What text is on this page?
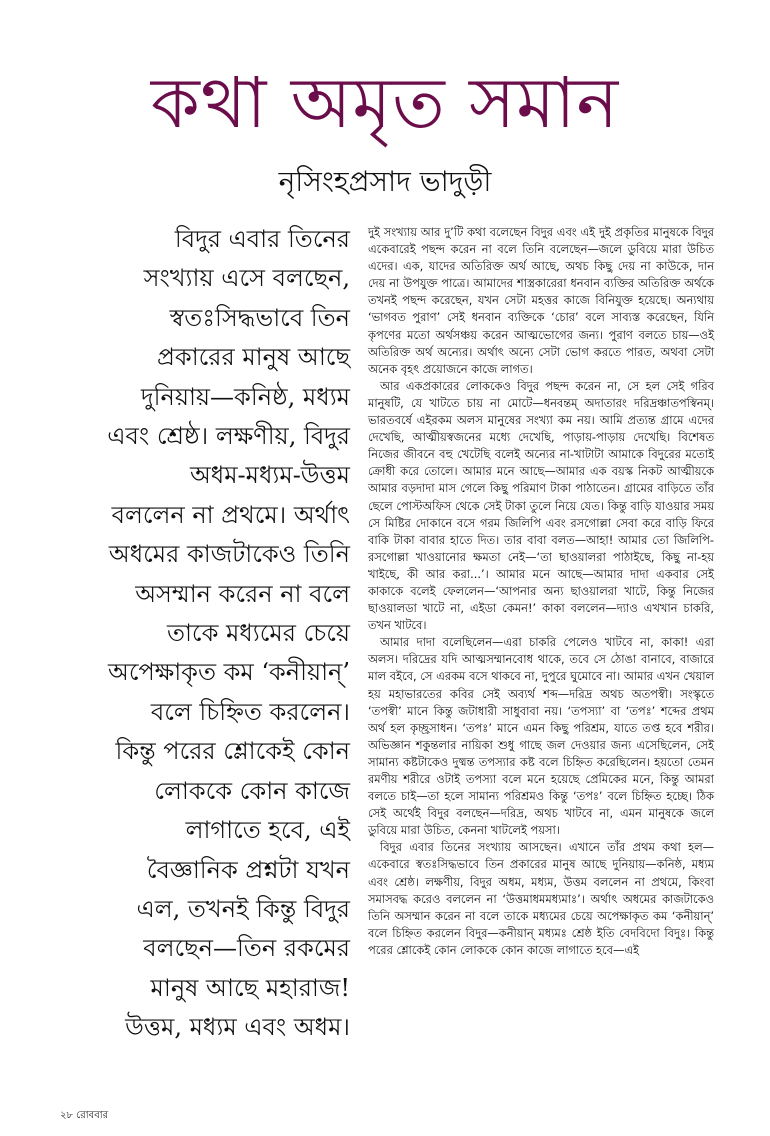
কথা অমৃত সমান
নৃসিংহপ্রসাদ ভাদুড়ী
বিদুর এবার তিনের
সংখ্যায় এসে বলছেন,
স্বতঃসিদ্ধভাবে তিন
প্রকারের মানুষ আছে
দুনিয়ায়—কনিষ্ঠ, মধ্যম
এবং শ্রেষ্ঠ। লক্ষণীয়, বিদুর
অধম-মধ্যম-উত্তম
বললেন না প্রথমে। অর্থাৎ
অধমের কাজটাকেও তিনি
অসম্মান করেন না বলে
তাকে মধ্যমের চেয়ে
অপেক্ষাকৃত কম ‘কনীয়ান্’
বলে চিহ্নিত করলেন।
কিন্তু পরের শ্লোকেই কোন
লোককে কোন কাজে
লাগাতে হবে, এই
বৈজ্ঞানিক প্রশ্নটা যখন
এল, তখনই কিন্তু বিদুর
বলছেন—তিন রকমের
মানুষ আছে মহারাজ!
উত্তম, মধ্যম এবং অধম।

দুই সংখ্যায় আর দু’টি কথা বলেছেন বিদুর এবং এই দুই প্রকৃতির মানুষকে বিদুর একেবারেই পছন্দ করেন না বলে তিনি বলেছেন—জলে ডুবিয়ে মারা উচিত এদের। এক, যাদের অতিরিক্ত অর্থ আছে, অথচ কিছু দেয় না কাউকে, দান দেয় না উপযুক্ত পাত্রে। আমাদের শাস্ত্রকারেরা ধনবান ব্যক্তির অতিরিক্ত অর্থকে তখনই পছন্দ করেছেন, যখন সেটা মহত্তর কাজে বিনিযুক্ত হয়েছে। অন্যথায় ‘ভাগবত পুরাণ’ সেই ধনবান ব্যক্তিকে ‘চোর’ বলে সাব্যস্ত করেছেন, যিনি কৃপণের মতো অর্থসঞ্চয় করেন আত্মভোগের জন্য। পুরাণ বলতে চায়—ওই অতিরিক্ত অর্থ অন্যের। অর্থাৎ অন্যে সেটা ভোগ করতে পারত, অথবা সেটা অনেক বৃহৎ প্রয়োজনে কাজে লাগত।

আর একপ্রকারের লোককেও বিদুর পছন্দ করেন না, সে হল সেই গরিব মানুষটি, যে খাটতে চায় না মোটে—ধনবন্তম্ অদাতারং দরিদ্রঞ্চাতপস্বিনম্। ভারতবর্ষে এইরকম অলস মানুষের সংখ্যা কম নয়। আমি প্রত্যন্ত গ্রামে এদের দেখেছি, আত্মীয়স্বজনের মধ্যে দেখেছি, পাড়ায়-পাড়ায় দেখেছি। বিশেষত নিজের জীবনে বহু খেটেছি বলেই অন্যের না-খাটাটা আমাকে বিদুরের মতোই ক্রোধী করে তোলে। আমার মনে আছে—আমার এক বয়স্ক নিকট আত্মীয়কে আমার বড়দাদা মাস গেলে কিছু পরিমাণ টাকা পাঠাতেন। গ্রামের বাড়িতে তাঁর ছেলে পোস্টঅফিস থেকে সেই টাকা তুলে নিয়ে যেত। কিন্তু বাড়ি যাওয়ার সময় সে মিষ্টির দোকানে বসে গরম জিলিপি এবং রসগোল্লা সেবা করে বাড়ি ফিরে বাকি টাকা বাবার হাতে দিত। তার বাবা বলত—আহা! আমার তো জিলিপি-রসগোল্লা খাওয়ানোর ক্ষমতা নেই—‘তা ছাওয়ালরা পাঠাইছে, কিছু না-হয় খাইছে, কী আর করা...’। আমার মনে আছে—আমার দাদা একবার সেই কাকাকে বলেই ফেললেন—‘আপনার অন্য ছাওয়ালরা খাটে, কিন্তু নিজের ছাওয়ালডা খাটে না, এইডা কেমন!’ কাকা বললেন—দ্যাও এখখান চাকরি, তখন খাটবে।

আমার দাদা বলেছিলেন—এরা চাকরি পেলেও খাটবে না, কাকা! এরা অলস। দরিদ্রের যদি আত্মসম্মানবোধ থাকে, তবে সে ঠোঙা বানাবে, বাজারে মাল বইবে, সে এরকম বসে থাকবে না, দুপুরে ঘুমোবে না। আমার এখন খেয়াল হয় মহাভারতের কবির সেই অব্যর্থ শব্দ—দরিদ্র অথচ অতপস্বী। সংস্কৃতে ‘তপস্বী’ মানে কিন্তু জটাধারী সাধুবাবা নয়। ‘তপস্যা’ বা ‘তপঃ’ শব্দের প্রথম অর্থ হল কৃচ্ছ্রসাধন। ‘তপঃ’ মানে এমন কিছু পরিশ্রম, যাতে তপ্ত হবে শরীর। অভিজ্ঞান শকুন্তলার নায়িকা শুধু গাছে জল দেওয়ার জন্য এসেছিলেন, সেই সামান্য কষ্টটাকেও দুষ্মন্ত তপস্যার কষ্ট বলে চিহ্নিত করেছিলেন। হয়তো তেমন রমণীয় শরীরে ওটাই তপস্যা বলে মনে হয়েছে প্রেমিকের মনে, কিন্তু আমরা বলতে চাই—তা হলে সামান্য পরিশ্রমও কিন্তু ‘তপঃ’ বলে চিহ্নিত হচ্ছে। ঠিক সেই অর্থেই বিদুর বলছেন—দরিদ্র, অথচ খাটবে না, এমন মানুষকে জলে ডুবিয়ে মারা উচিত, কেননা খাটলেই পয়সা।

বিদুর এবার তিনের সংখ্যায় আসছেন। এখানে তাঁর প্রথম কথা হল—একেবারে স্বতঃসিদ্ধভাবে তিন প্রকারের মানুষ আছে দুনিয়ায়—কনিষ্ঠ, মধ্যম এবং শ্রেষ্ঠ। লক্ষণীয়, বিদুর অধম, মধ্যম, উত্তম বললেন না প্রথমে, কিংবা সমাসবদ্ধ করেও বললেন না ‘উত্তমাধমমধ্যমাঃ’। অর্থাৎ অধমের কাজটাকেও তিনি অসম্মান করেন না বলে তাকে মধ্যমের চেয়ে অপেক্ষাকৃত কম ‘কনীয়ান্’ বলে চিহ্নিত করলেন বিদুর—কনীয়ান্ মধ্যমঃ শ্রেষ্ঠ ইতি বেদবিদো বিদুঃ। কিন্তু পরের শ্লোকেই কোন লোককে কোন কাজে লাগাতে হবে—এই

২৮ রোববার
